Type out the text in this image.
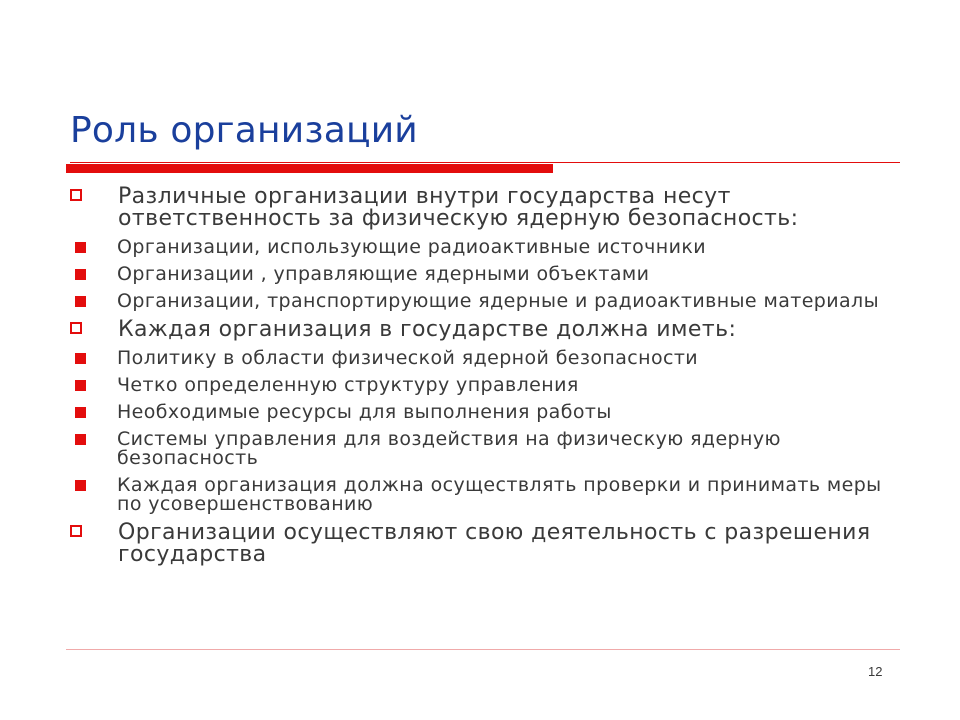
Роль организаций
Различные организации внутри государства несут ответственность за физическую ядерную безопасность:
Организации, использующие радиоактивные источники
Организации , управляющие ядерными объектами
Организации, транспортирующие ядерные и радиоактивные материалы
Каждая организация в государстве должна иметь:
Политику в области физической ядерной безопасности
Четко определенную структуру управления
Необходимые ресурсы для выполнения работы
Системы управления для воздействия на физическую ядерную безопасность
Каждая организация должна осуществлять проверки и принимать меры по усовершенствованию
Организации осуществляют свою деятельность с разрешения государства
12
